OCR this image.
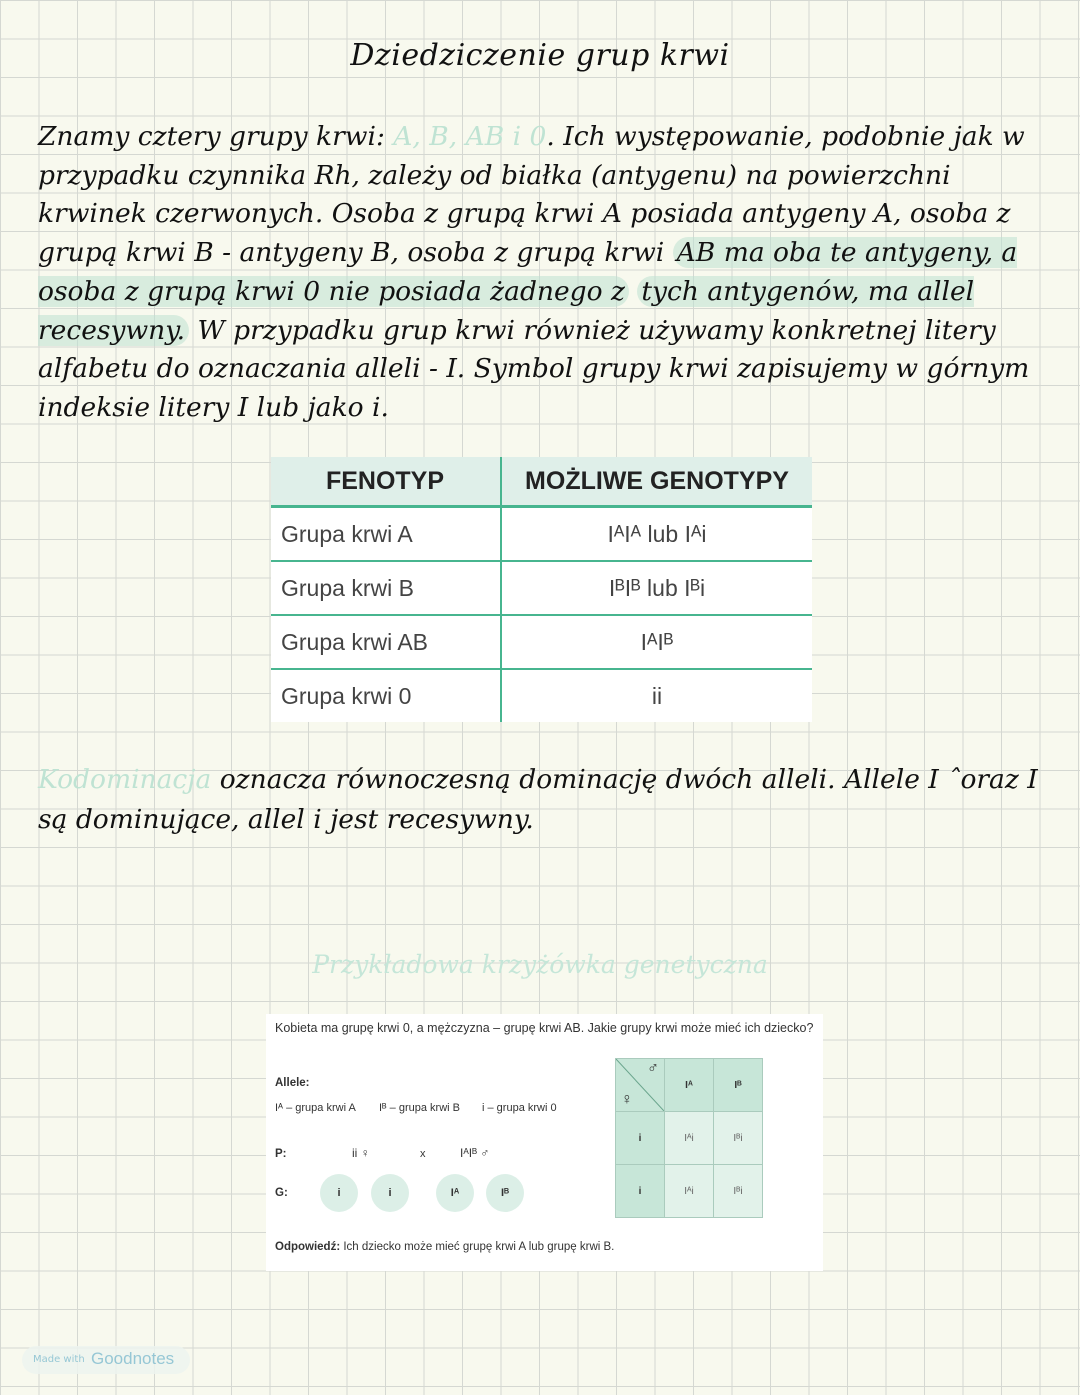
Dziedziczenie grup krwi

Znamy cztery grupy krwi: A, B, AB i 0. Ich występowanie, podobnie jak w przypadku czynnika Rh, zależy od białka (antygenu) na powierzchni krwinek czerwonych. Osoba z grupą krwi A posiada antygeny A, osoba z grupą krwi B - antygeny B, osoba z grupą krwi AB ma oba te antygeny, a osoba z grupą krwi 0 nie posiada żadnego z tych antygenów, ma allel recesywny. W przypadku grup krwi również używamy konkretnej litery alfabetu do oznaczania alleli - I. Symbol grupy krwi zapisujemy w górnym indeksie litery I lub jako i.

FENOTYP	MOŻLIWE GENOTYPY
Grupa krwi A	IᴬIᴬ lub Iᴬi
Grupa krwi B	IᴮIᴮ lub Iᴮi
Grupa krwi AB	IᴬIᴮ
Grupa krwi 0	ii

Kodominacja oznacza równoczesną dominację dwóch alleli. Allele I ˆoraz I są dominujące, allel i jest recesywny.

Przykładowa krzyżówka genetyczna
Kobieta ma grupę krwi 0, a mężczyzna – grupę krwi AB. Jakie grupy krwi może mieć ich dziecko?
Allele:
Iᴬ – grupa krwi A Iᴮ – grupa krwi B i – grupa krwi 0
P:	ii ♀	x	IᴬIᴮ ♂
G:	i	i	Iᴬ	Iᴮ
♂
♀	Iᴬ	Iᴮ
i	Iᴬi	Iᴮi
i	Iᴬi	Iᴮi
Odpowiedź: Ich dziecko może mieć grupę krwi A lub grupę krwi B.
Made with Goodnotes
